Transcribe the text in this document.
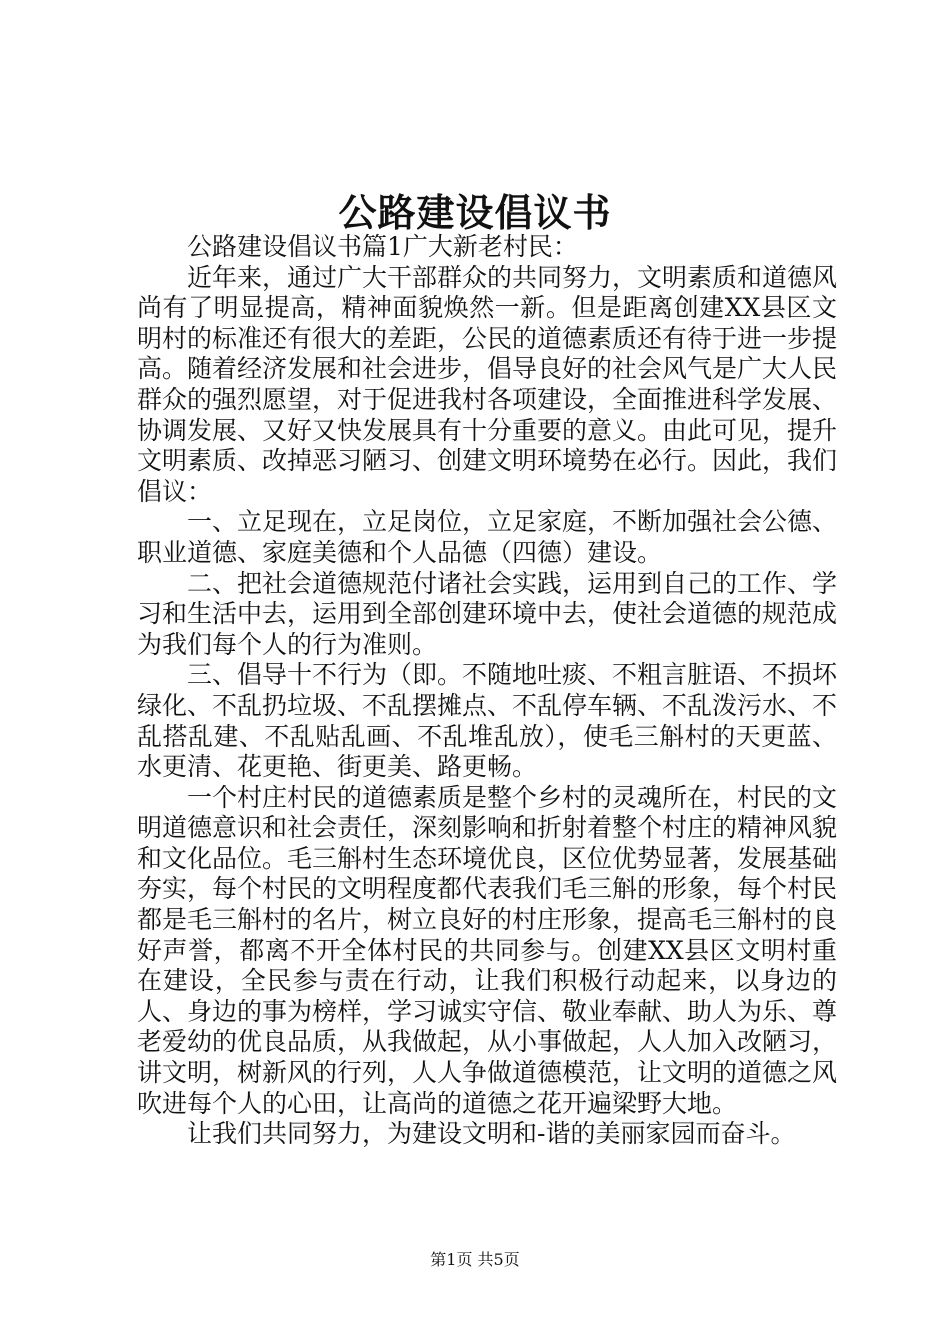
公路建设倡议书

公路建设倡议书篇1广大新老村民：

近年来，通过广大干部群众的共同努力，文明素质和道德风尚有了明显提高，精神面貌焕然一新。但是距离创建XX县区文明村的标准还有很大的差距，公民的道德素质还有待于进一步提高。随着经济发展和社会进步，倡导良好的社会风气是广大人民群众的强烈愿望，对于促进我村各项建设，全面推进科学发展、协调发展、又好又快发展具有十分重要的意义。由此可见，提升文明素质、改掉恶习陋习、创建文明环境势在必行。因此，我们倡议：

一、立足现在，立足岗位，立足家庭，不断加强社会公德、职业道德、家庭美德和个人品德（四德）建设。

二、把社会道德规范付诸社会实践，运用到自己的工作、学习和生活中去，运用到全部创建环境中去，使社会道德的规范成为我们每个人的行为准则。

三、倡导十不行为（即。不随地吐痰、不粗言脏语、不损坏绿化、不乱扔垃圾、不乱摆摊点、不乱停车辆、不乱泼污水、不乱搭乱建、不乱贴乱画、不乱堆乱放），使毛三斛村的天更蓝、水更清、花更艳、街更美、路更畅。

一个村庄村民的道德素质是整个乡村的灵魂所在，村民的文明道德意识和社会责任，深刻影响和折射着整个村庄的精神风貌和文化品位。毛三斛村生态环境优良，区位优势显著，发展基础夯实，每个村民的文明程度都代表我们毛三斛的形象，每个村民都是毛三斛村的名片，树立良好的村庄形象，提高毛三斛村的良好声誉，都离不开全体村民的共同参与。创建XX县区文明村重在建设，全民参与责在行动，让我们积极行动起来，以身边的人、身边的事为榜样，学习诚实守信、敬业奉献、助人为乐、尊老爱幼的优良品质，从我做起，从小事做起，人人加入改陋习，讲文明，树新风的行列，人人争做道德模范，让文明的道德之风吹进每个人的心田，让高尚的道德之花开遍梁野大地。

让我们共同努力，为建设文明和-谐的美丽家园而奋斗。

第1页 共5页
